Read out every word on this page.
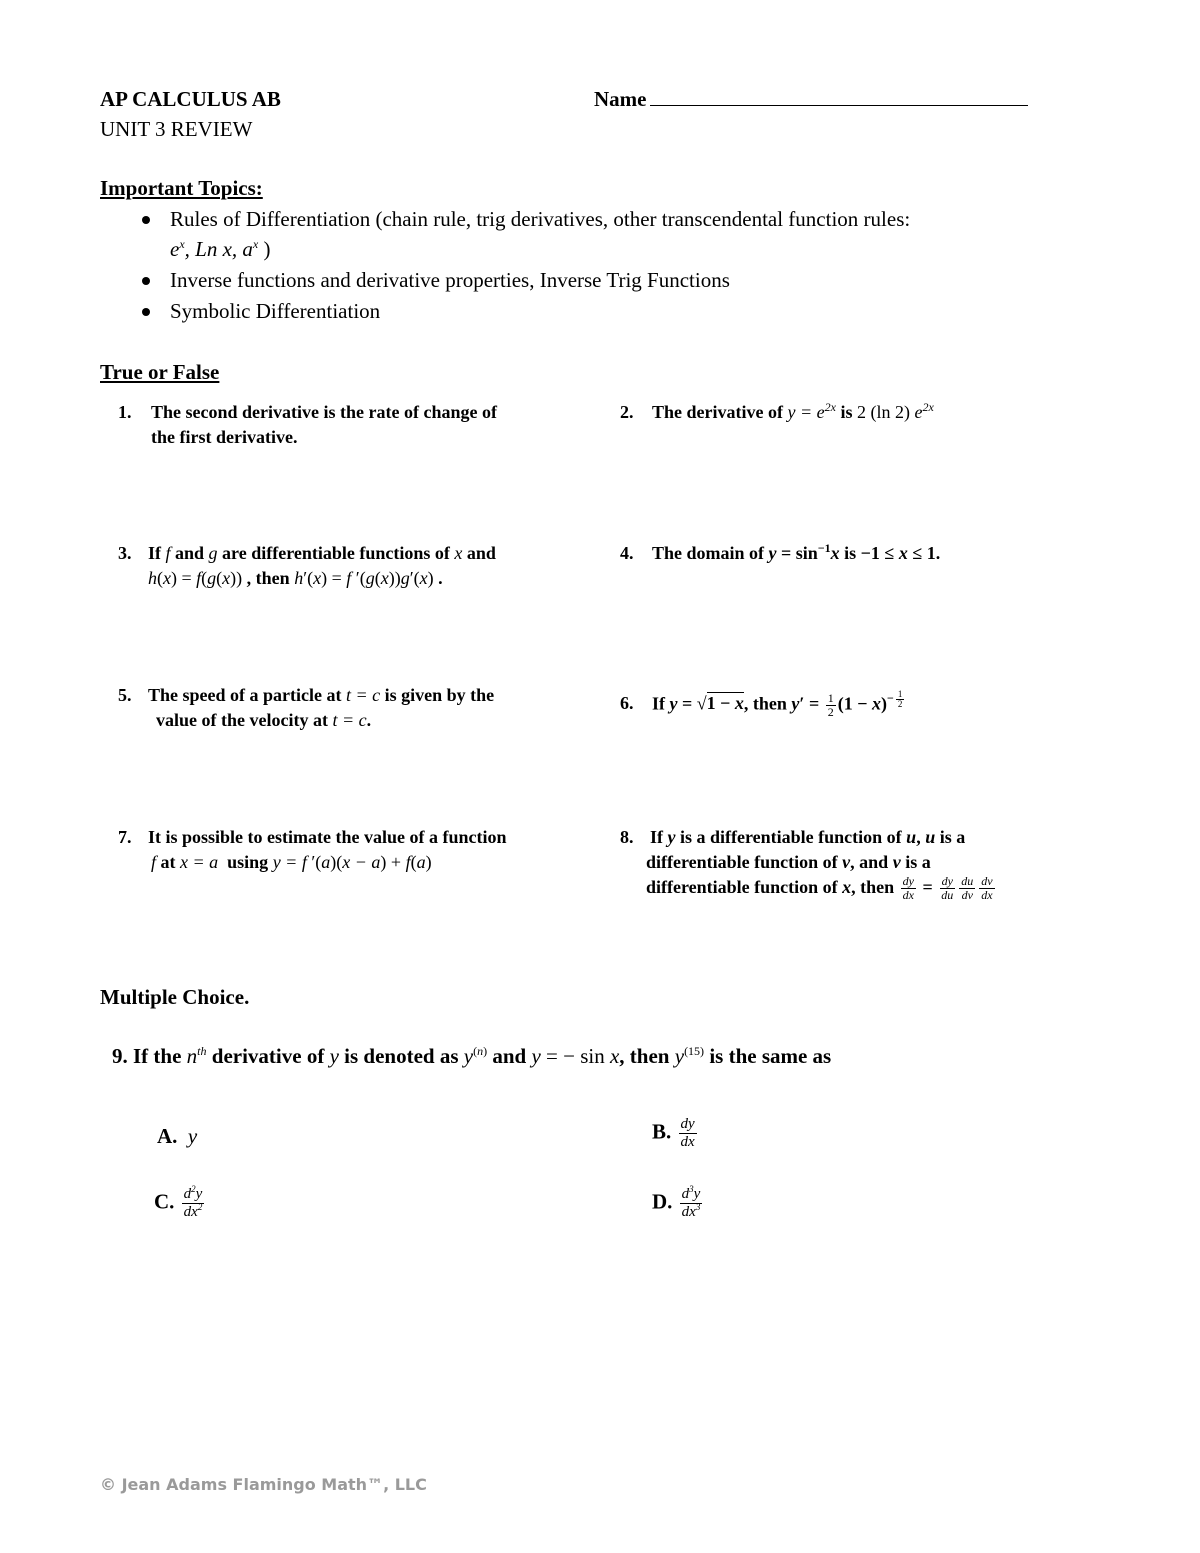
AP CALCULUS AB
UNIT 3 REVIEW
Name
Important Topics:
Rules of Differentiation (chain rule, trig derivatives, other transcendental function rules:
$e^x$, Ln x, $a^x$ )
Inverse functions and derivative properties, Inverse Trig Functions
Symbolic Differentiation
True or False
1. The second derivative is the rate of change of
the first derivative.
2. The derivative of $y = e^{2x}$ is 2 (ln 2) $e^{2x}$
3. If f and g are differentiable functions of x and
h(x) = f(g(x)) , then h′(x) = f ′(g(x))g′(x) .
4. The domain of $y = \sin^{-1}x$ is −1 ≤ x ≤ 1.
5. The speed of a particle at t = c is given by the
value of the velocity at t = c.
6. If y = √1 − x, then $y' = \frac{1}{2} (1 - x)^{- \frac{1}{2}}$
7. It is possible to estimate the value of a function
f at x = a  using y = f ′(a)(x − a) + f(a)
8. If y is a differentiable function of u, u is a
differentiable function of v, and v is a
differentiable function of x, then $\frac{dy}{dx} = \frac{dy}{du} \frac{du}{dv} \frac{dv}{dx}$
Multiple Choice.
9. If the $n^{th}$ derivative of y is denoted as $y^{(n)}$ and y = − sin x, then $y^{(15)}$ is the same as
A. y	B. $\frac{dy}{dx}$
C. $\frac{d^2y}{dx^2}$	D. $\frac{d^3y}{dx^3}$
© Jean Adams Flamingo Math™, LLC
